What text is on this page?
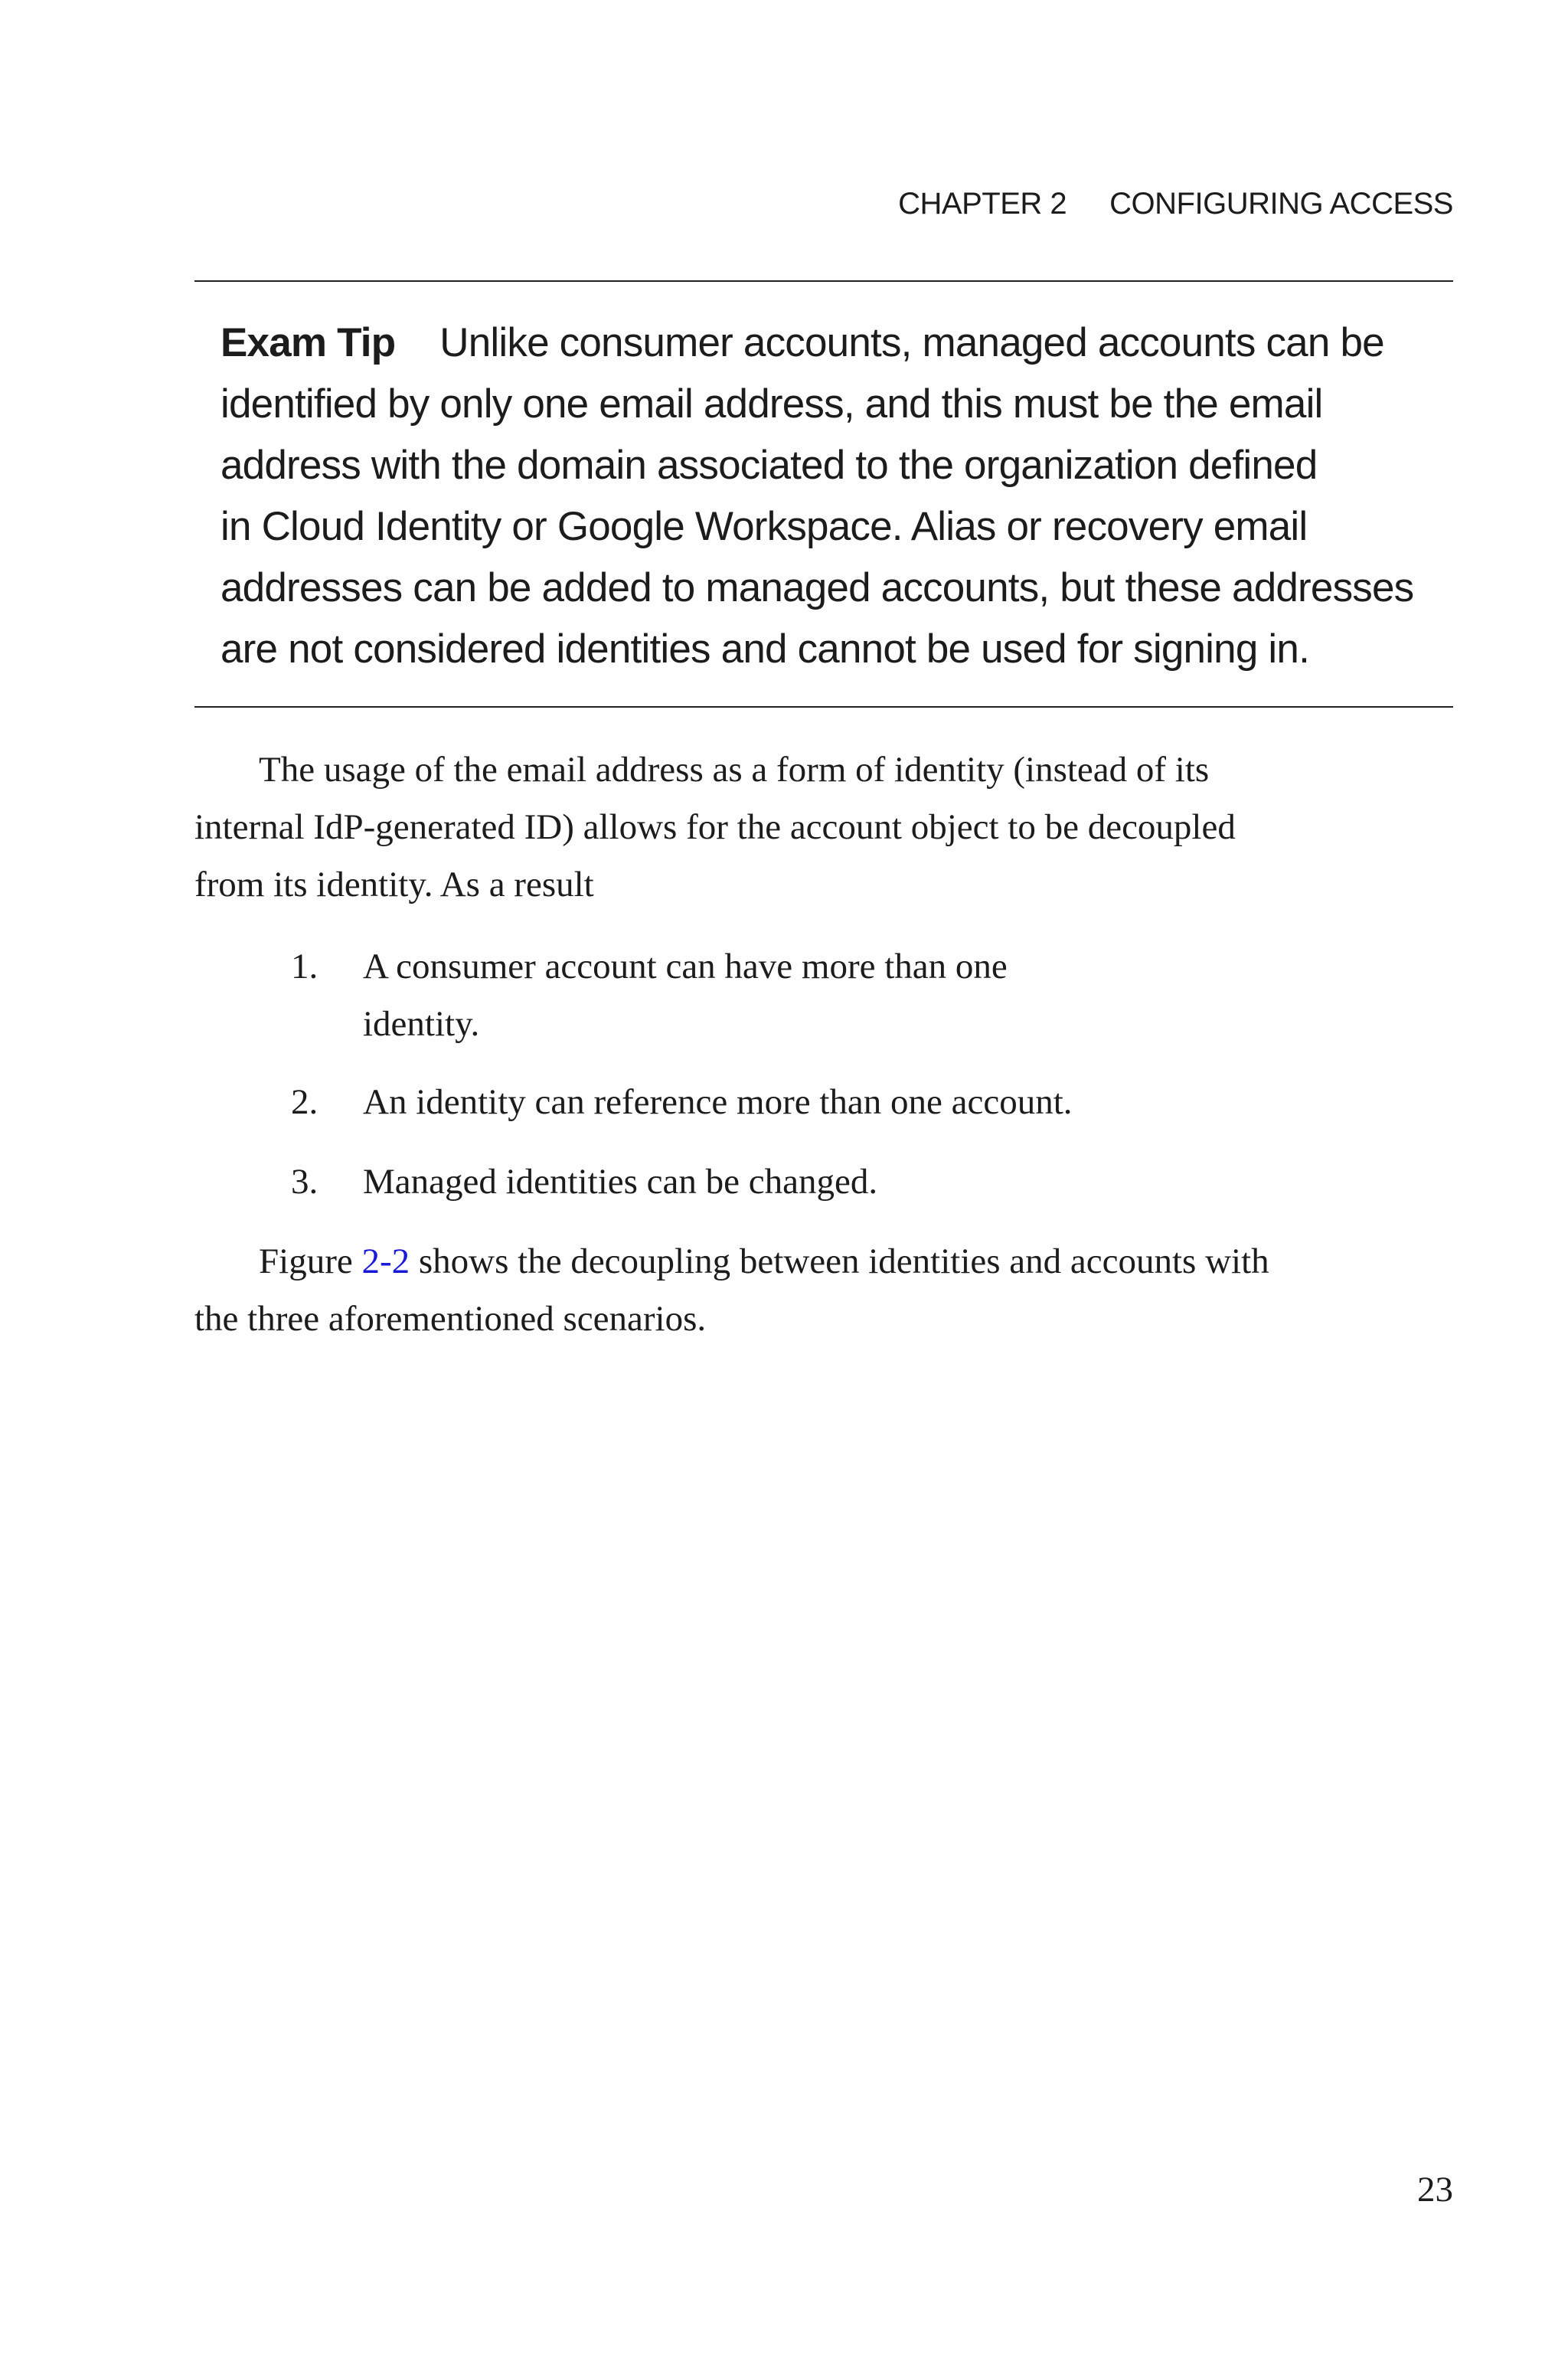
CHAPTER 2 CONFIGURING ACCESS
Exam Tip Unlike consumer accounts, managed accounts can be
identified by only one email address, and this must be the email
address with the domain associated to the organization defined
in Cloud Identity or Google Workspace. Alias or recovery email
addresses can be added to managed accounts, but these addresses
are not considered identities and cannot be used for signing in.
The usage of the email address as a form of identity (instead of its
internal IdP-generated ID) allows for the account object to be decoupled
from its identity. As a result
1. A consumer account can have more than one
identity.
2. An identity can reference more than one account.
3. Managed identities can be changed.
Figure 2-2 shows the decoupling between identities and accounts with
the three aforementioned scenarios.
23
